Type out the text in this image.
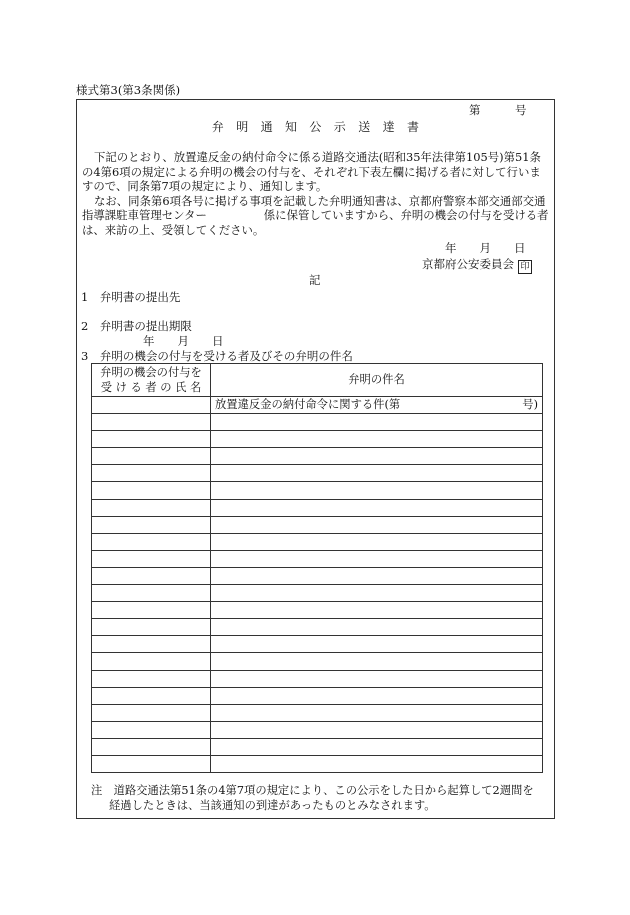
様式第3(第3条関係)
第　　　号
弁　明　通　知　公　示　送　達　書

下記のとおり、放置違反金の納付命令に係る道路交通法(昭和35年法律第105号)第51条の4第6項の規定による弁明の機会の付与を、それぞれ下表左欄に掲げる者に対して行いますので、同条第7項の規定により、通知します。

なお、同条第6項各号に掲げる事項を記載した弁明通知書は、京都府警察本部交通部交通指導課駐車管理センター　　　　　係に保管していますから、弁明の機会の付与を受ける者は、来訪の上、受領してください。

年　　月　　日
京都府公安委員会 印
記
1　弁明書の提出先
2　弁明書の提出期限
年　　月　　日
3　弁明の機会の付与を受ける者及びその弁明の件名
弁明の機会の付与を
受 け る 者 の 氏 名	弁明の件名
	放置違反金の納付命令に関する件(第 号)

注　道路交通法第51条の4第7項の規定により、この公示をした日から起算して2週間を

経過したときは、当該通知の到達があったものとみなされます。
